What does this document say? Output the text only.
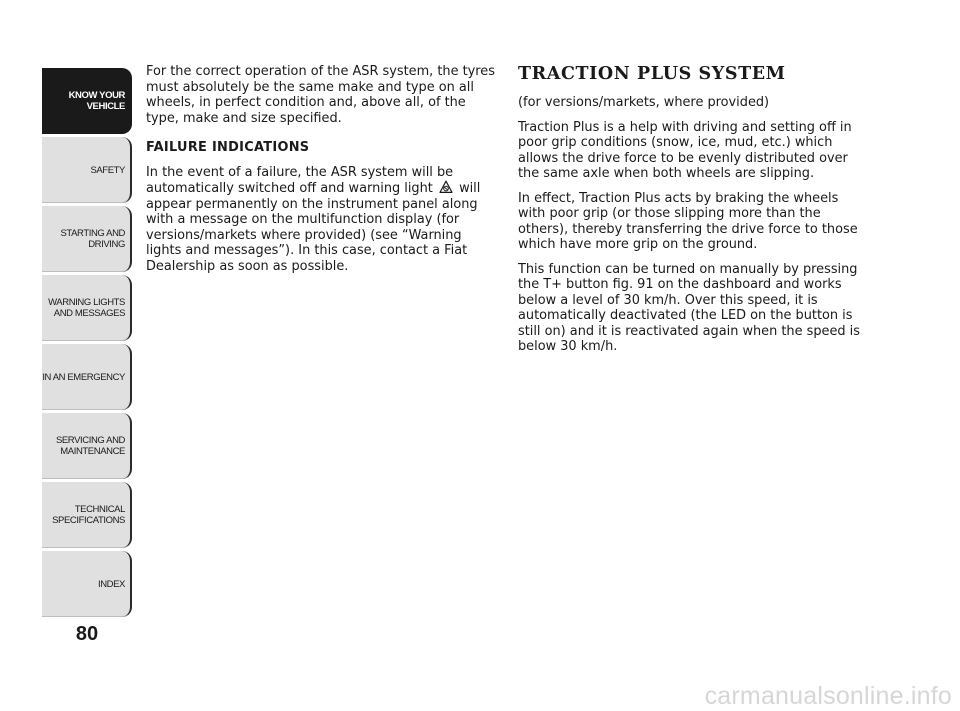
KNOW YOUR
VEHICLE
SAFETY
STARTING AND
DRIVING
WARNING LIGHTS
AND MESSAGES
IN AN EMERGENCY
SERVICING AND
MAINTENANCE
TECHNICAL
SPECIFICATIONS
INDEX
80

For the correct operation of the ASR system, the tyres must absolutely be the same make and type on all wheels, in perfect condition and, above all, of the type, make and size specified.

FAILURE INDICATIONS

In the event of a failure, the ASR system will be automatically switched off and warning light will appear permanently on the instrument panel along with a message on the multifunction display (for versions/markets where provided) (see “Warning lights and messages”). In this case, contact a Fiat Dealership as soon as possible.

TRACTION PLUS SYSTEM

(for versions/markets, where provided)

Traction Plus is a help with driving and setting off in poor grip conditions (snow, ice, mud, etc.) which allows the drive force to be evenly distributed over the same axle when both wheels are slipping.

In effect, Traction Plus acts by braking the wheels with poor grip (or those slipping more than the others), thereby transferring the drive force to those which have more grip on the ground.

This function can be turned on manually by pressing the T+ button fig. 91 on the dashboard and works below a level of 30 km/h. Over this speed, it is automatically deactivated (the LED on the button is still on) and it is reactivated again when the speed is below 30 km/h.

carmanualsonline.info
